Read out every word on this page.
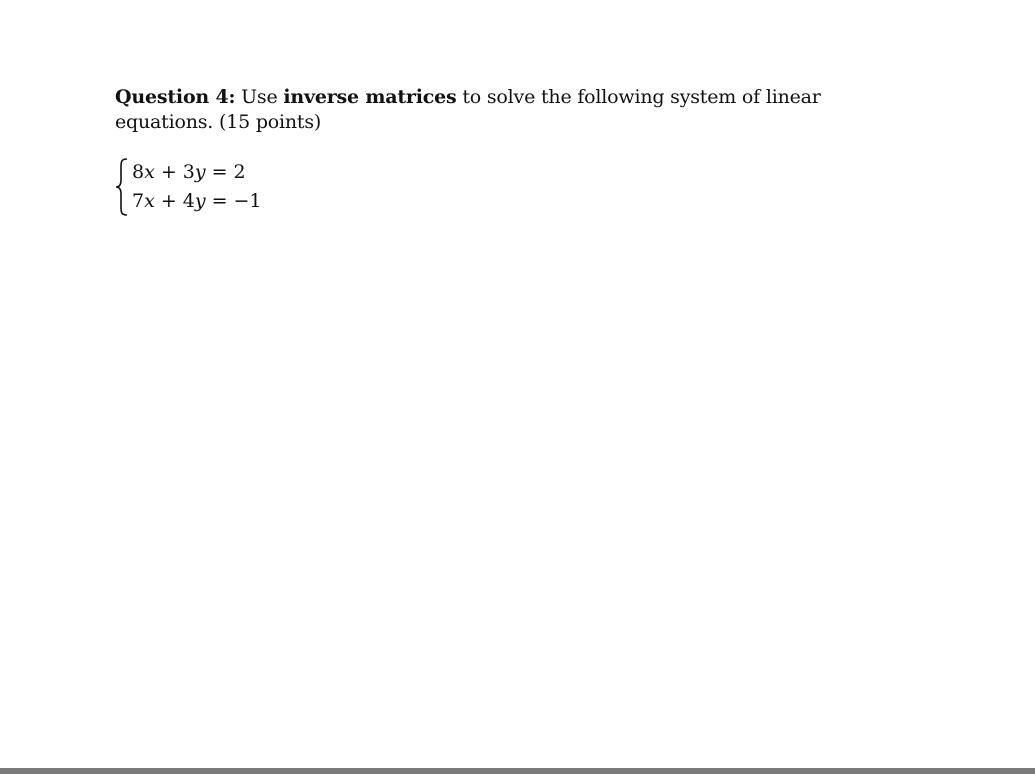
Question 4: Use inverse matrices to solve the following system of linear equations. (15 points)
8x + 3y = 2
7x + 4y = −1
